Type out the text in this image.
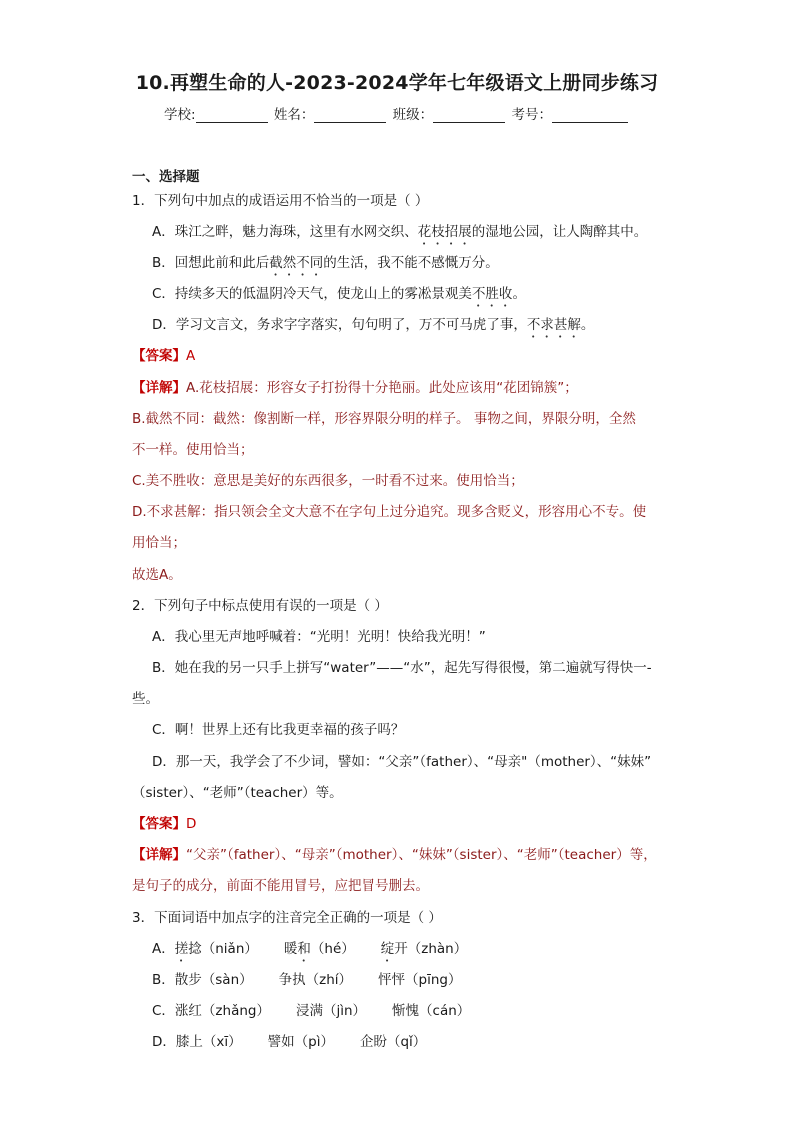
10.再塑生命的人-2023-2024学年七年级语文上册同步练习
学校:	姓名：	班级：	考号：
一、选择题
1．下列句中加点的成语运用不恰当的一项是（ ）
A．珠江之畔，魅力海珠，这里有水网交织、花枝招展的湿地公园，让人陶醉其中。
B．回想此前和此后截然不同的生活，我不能不感慨万分。
C．持续多天的低温阴冷天气，使龙山上的雾凇景观美不胜收。
D．学习文言文，务求字字落实，句句明了，万不可马虎了事，不求甚解。
【答案】A
【详解】A.花枝招展：形容女子打扮得十分艳丽。此处应该用“花团锦簇”；
B.截然不同：截然：像割断一样，形容界限分明的样子。 事物之间，界限分明，全然
不一样。使用恰当；
C.美不胜收：意思是美好的东西很多，一时看不过来。使用恰当；
D.不求甚解：指只领会全文大意不在字句上过分追究。现多含贬义，形容用心不专。使
用恰当；
故选A。
2．下列句子中标点使用有误的一项是（ ）
A．我心里无声地呼喊着：“光明！光明！快给我光明！”
B．她在我的另一只手上拼写“water”——“水”，起先写得很慢，第二遍就写得快一-
些。
C．啊！世界上还有比我更幸福的孩子吗？
D．那一天，我学会了不少词，譬如：“父亲”（father）、“母亲"（mother）、“妹妹”
（sister）、“老师”（teacher）等。
【答案】D
【详解】“父亲”（father）、“母亲”（mother）、“妹妹”（sister）、“老师”（teacher）等，
是句子的成分，前面不能用冒号，应把冒号删去。
3．下面词语中加点字的注音完全正确的一项是（ ）
A．搓捻（niǎn） 暖和（hé） 绽开（zhàn）
B．散步（sàn） 争执（zhí） 怦怦（pīng）
C．涨红（zhǎng） 浸满（jìn） 惭愧（cán）
D．膝上（xī） 譬如（pì） 企盼（qǐ）
